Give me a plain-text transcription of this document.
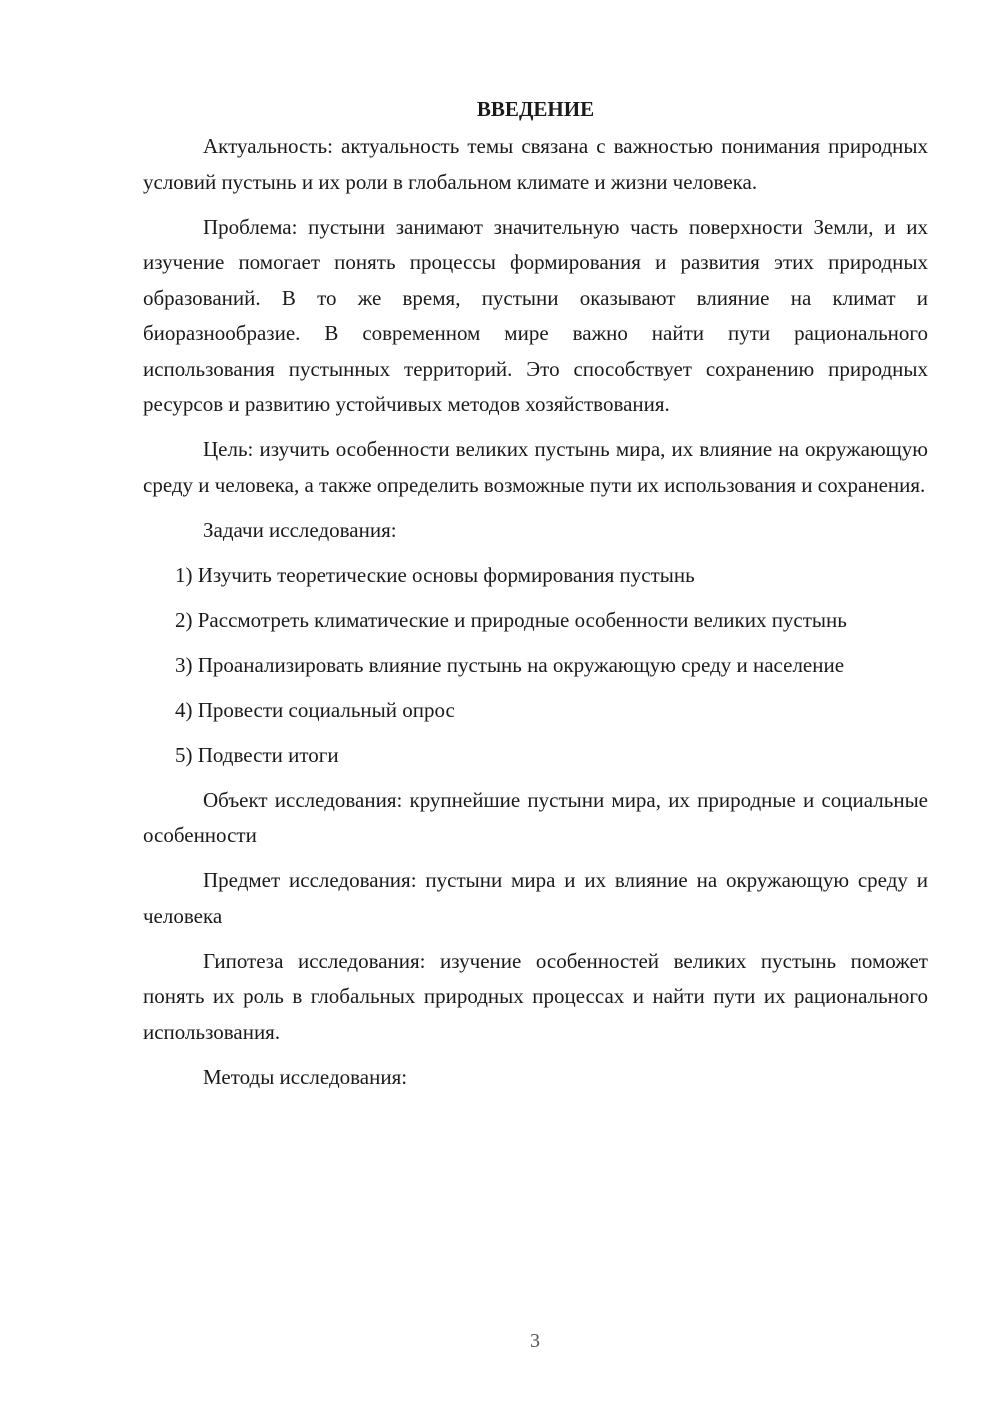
ВВЕДЕНИЕ

Актуальность: актуальность темы связана с важностью понимания природных условий пустынь и их роли в глобальном климате и жизни человека.

Проблема: пустыни занимают значительную часть поверхности Земли, и их изучение помогает понять процессы формирования и развития этих природных образований. В то же время, пустыни оказывают влияние на климат и биоразнообразие. В современном мире важно найти пути рационального использования пустынных территорий. Это способствует сохранению природных ресурсов и развитию устойчивых методов хозяйствования.

Цель: изучить особенности великих пустынь мира, их влияние на окружающую среду и человека, а также определить возможные пути их использования и сохранения.

Задачи исследования:

1) Изучить теоретические основы формирования пустынь

2) Рассмотреть климатические и природные особенности великих пустынь

3) Проанализировать влияние пустынь на окружающую среду и население

4) Провести социальный опрос

5) Подвести итоги

Объект исследования: крупнейшие пустыни мира, их природные и социальные особенности

Предмет исследования: пустыни мира и их влияние на окружающую среду и человека

Гипотеза исследования: изучение особенностей великих пустынь поможет понять их роль в глобальных природных процессах и найти пути их рационального использования.

Методы исследования:

3
